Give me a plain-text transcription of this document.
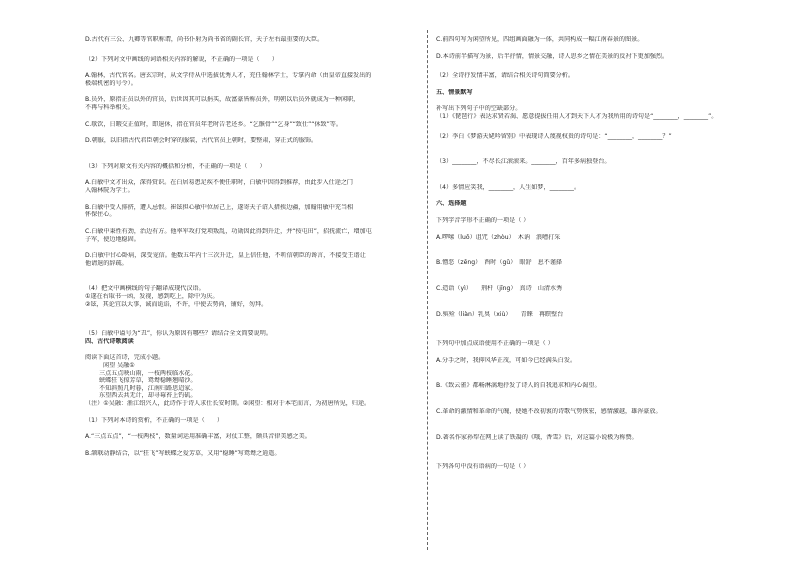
D.古代有三公、九卿等官职称谓，尚书仆射为尚书省的副长官，天子左右最重要的大臣。

（2）下列对文中画线的词语相关内容的解说，不正确的一项是（　　）

A.翰林，古代官名。唐玄宗时，从文学侍从中选拔优秀人才，充任翰林学士，专掌内命（由皇帝直接发出的

极端机密的号令）。

B.员外，原指正员以外的官员，后世因其可以捐买，故富豪皆称员外，明朝以后员外就成为一种闲职，

不再与科举相关。

C.歇饮，日暇交正值时，即退休，指在官员年老时告老还乡。“乞骸骨”“乞身”“致仕”“休致”等。

D.朝服，以旧指古代君臣朝会时穿的服装，古代官员上朝时，要整肃，穿正式的服饰。

（3）下列对原文有关内容的概括和分析，不正确的一项是（　　）

A.白敏中文才出众，深得赏识。在白居易患足疾不便任职时，白敏中因得到推荐，由此步入仕途之门

入翰林院为学士。

B.白敏中受人排挤，遭人忌恨。崔铉担心敏中位居己上，遂寄天子诏人措挨边疆，加翰用敏中充当相

怀保住心。

C.白敏中秉性有劲，治边有方。他率军攻打党项叛乱，功勋因此得到升迁，并“按屯田”，招抚流亡，增加屯

子军，使边地稳固。

D.白敏中甘心卧病，深受宠信。他数五年内十三次升迁，皇上信任他，不听信朝臣的谗言，不接受王谱让

他请退的辞疏。

（4）把文中画横线的句子翻译成现代汉语。

①遂在右取书一函，发视，感到吃上，除中为庆。

②铉，其论宜以大事，诚而诡谄，不许，中使去势尚，铺好，勿拜。

（5）白敏中谥号为“丑”，你认为原因有哪些？请结合全文简要说明。

四、古代诗歌阅读

阅读下面这首诗，完成小题。

闲望 吴融①

三点五点映山雨，一枝两枝临水花。

蛱蝶狂飞掠芳草，鸳鸯稳睡翘晴沙。

不知斜照几时暮，江南归路思迢家。

东望西去共无计，却寻莓苔上钓矶。

（注）①吴融：浙江绍兴人，此诗作于诗人求仕长安时期。②闲望：相对于本宅而言，为初唐所见，归途。

（1）下列对本诗的赏析，不正确的一项是（　　）

A.“三点五点”，“一枝两枝”，数量词运用准确丰富，对仗工整，颇具音律美感之美。

B.颔联动静结合，以“狂飞”写蛱蝶之爱芳草，又用“稳睡”写鸳鸯之逍遥。

C.前四句写为闲望所见，四组画面融为一体，共同构成一幅江南春景的图景。

D.本诗前半描写为景，后半抒情，情景交融，诗人思乡之情在美景的反衬下更加强烈。

（2）全诗抒发情丰富，请结合相关诗句简要分析。

五、情景默写

补写出下列句子中的空缺部分。

（1）《琵琶行》表达求贤若渴、愿意提拔任用人才到天下人才为我所用的诗句是“________，________”。

（2）李白《梦游天姥吟留别》中表现诗人蔑视权贵的诗句是：“________，________？”

（3）________，不尽长江滚滚来。________，百年多病独登台。

（4）多情应笑我，________，人生如梦，________。

六、选择题

下列字音字形不正确的一项是（ ）

A.啰嗦（luō）诅咒（zhòu）　木讷　浪嘈打采

B.憎恶（zēng）　酉时（gǔ）　眼舒　息不谨择

C.造诣（yì）　　荆杆（jīng）　真诗　山清水秀

D.殡殓（liàn）乳臭（xiù）　　青睐　再瞑壁台

下列句中加点成语使用不正确的一项是（ ）

A.分手之时，我抑风华正茂，可如今已经满头白发。

B.《致云雀》都畅淋漓地抒发了诗人的自我追求和内心渴望。

C.革命的激情和革命的气魄，使她不改初衷的诗歌气势恢宏，感情激越，雄浑豪放。

D.著名作家孙犁在网上读了铁凝的《哦，香雪》后，对这篇小说极为称赞。

下列各句中没有语病的一句是（ ）
